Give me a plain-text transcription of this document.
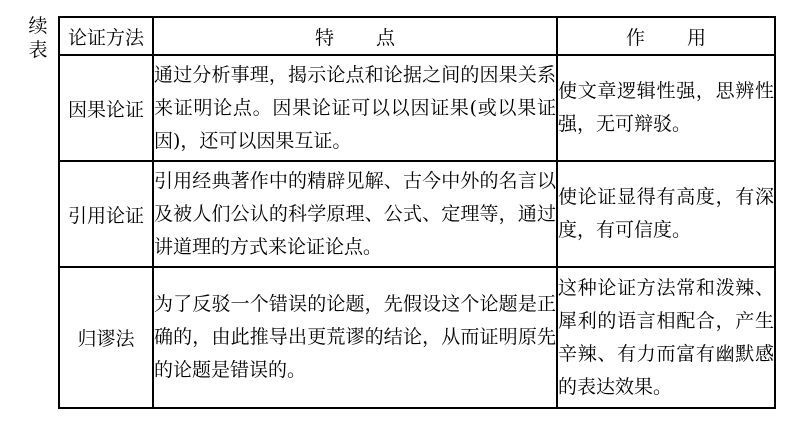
续
表
论证方法	特 点	作 用
因果论证	通过分析事理，揭示论点和论据之间的因果关系来证明论点。因果论证可以以因证果(或以果证因)，还可以因果互证。	使文章逻辑性强，思辨性强，无可辩驳。

引用论证	引用经典著作中的精辟见解、古今中外的名言以及被人们公认的科学原理、公式、定理等，通过讲道理的方式来论证论点。	使论证显得有高度，有深度，有可信度。

归谬法	为了反驳一个错误的论题，先假设这个论题是正确的，由此推导出更荒谬的结论，从而证明原先的论题是错误的。	这种论证方法常和泼辣、犀利的语言相配合，产生辛辣、有力而富有幽默感的表达效果。
